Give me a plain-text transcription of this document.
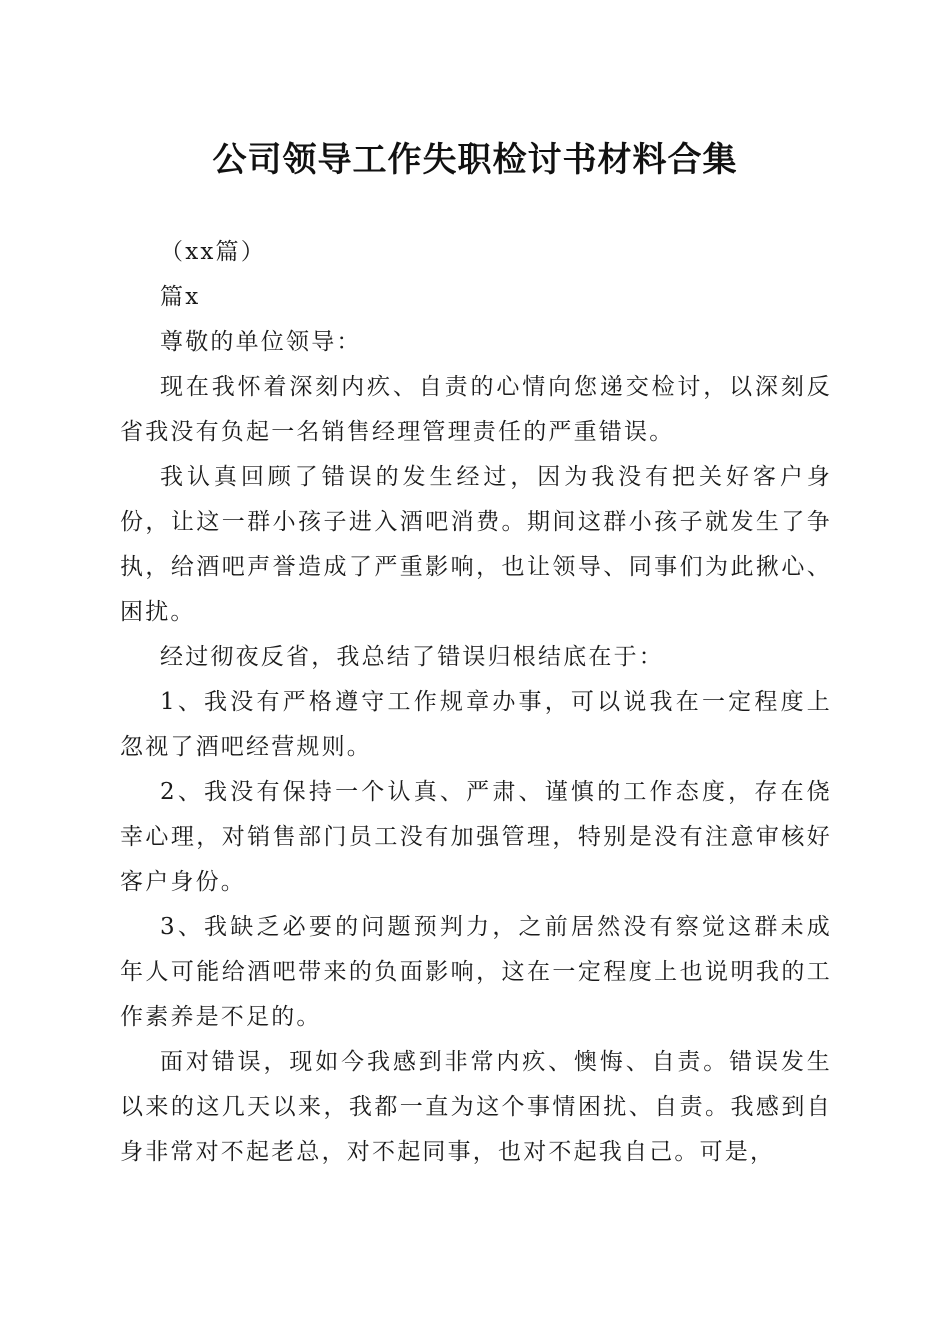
公司领导工作失职检讨书材料合集

（xx篇）

篇x

尊敬的单位领导：

现在我怀着深刻内疚、自责的心情向您递交检讨，以深刻反省我没有负起一名销售经理管理责任的严重错误。

我认真回顾了错误的发生经过，因为我没有把关好客户身份，让这一群小孩子进入酒吧消费。期间这群小孩子就发生了争执，给酒吧声誉造成了严重影响，也让领导、同事们为此揪心、困扰。

经过彻夜反省，我总结了错误归根结底在于：

1、我没有严格遵守工作规章办事，可以说我在一定程度上忽视了酒吧经营规则。

2、我没有保持一个认真、严肃、谨慎的工作态度，存在侥幸心理，对销售部门员工没有加强管理，特别是没有注意审核好客户身份。

3、我缺乏必要的问题预判力，之前居然没有察觉这群未成年人可能给酒吧带来的负面影响，这在一定程度上也说明我的工作素养是不足的。

面对错误，现如今我感到非常内疚、懊悔、自责。错误发生以来的这几天以来，我都一直为这个事情困扰、自责。我感到自身非常对不起老总，对不起同事，也对不起我自己。可是，
